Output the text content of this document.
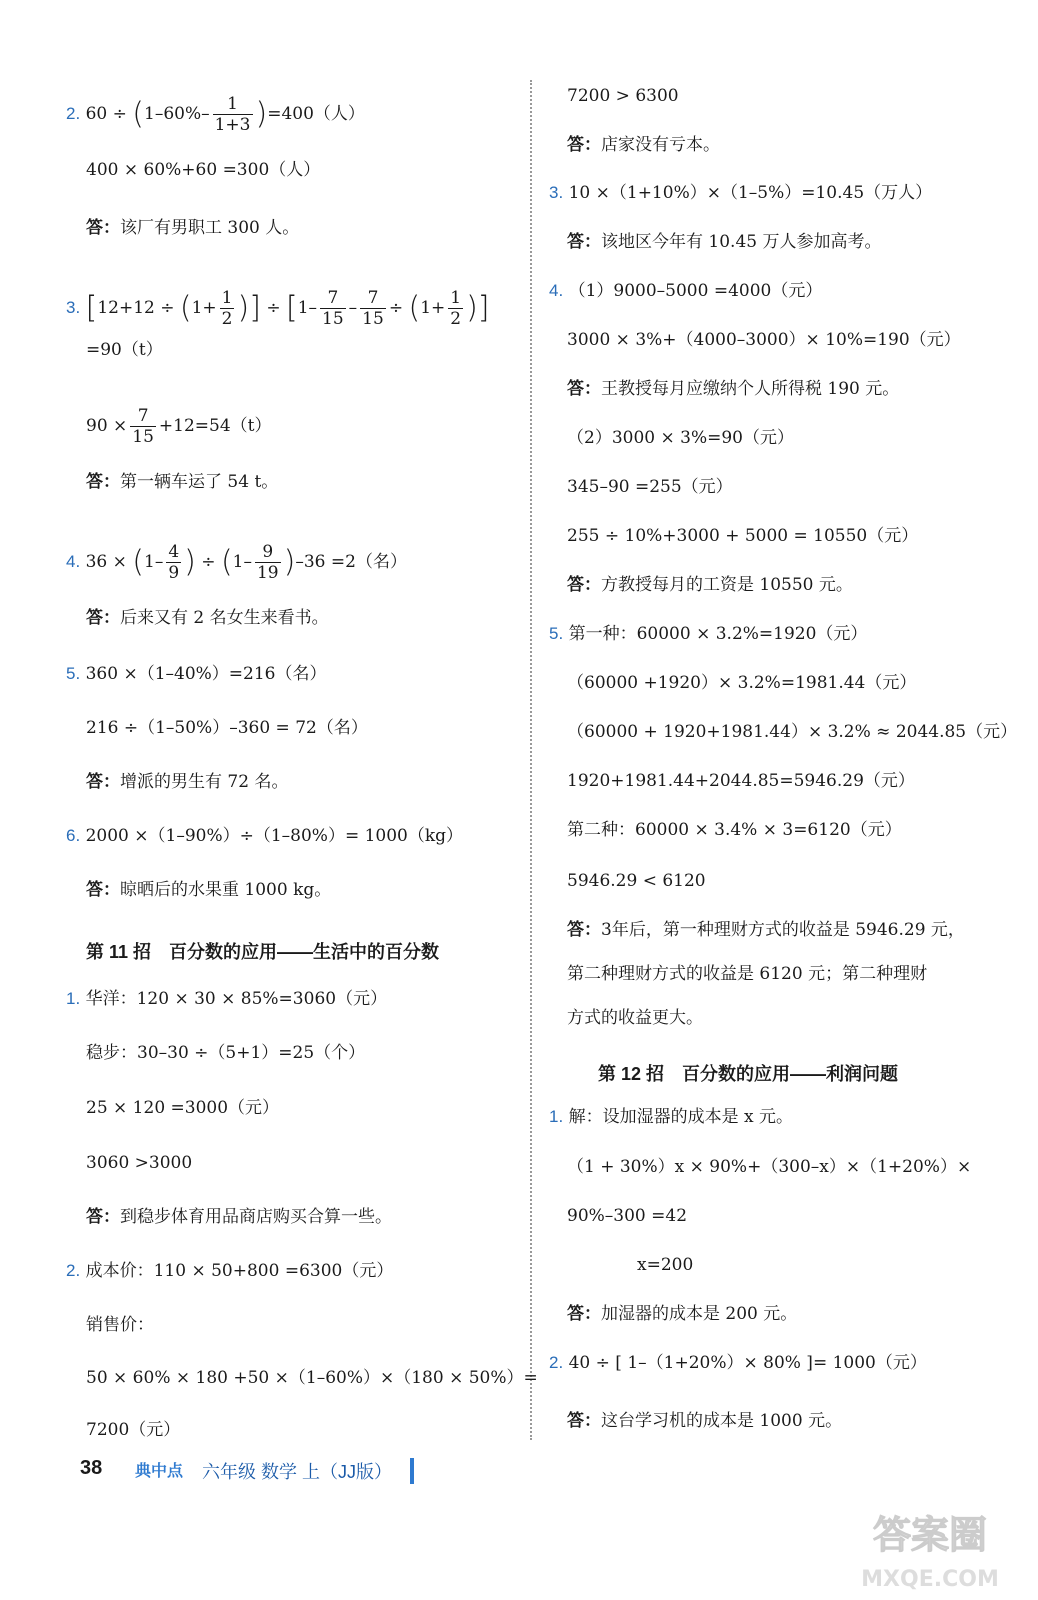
2. $60 \div (1-60\%- \frac{1}{1+3} )=400$（人）
400 × 60%+60 =300（人）
答：该厂有男职工 300 人。
3. [$12+12 \div (1+ \frac{1}{2}$ )] ÷ [$1- \frac{7}{15} - \frac{7}{15} \div (1+ \frac{1}{2}$ )]
=90（t）
$90 \times \frac{7}{15} +12=54(t)$
答：第一辆车运了 54 t。
4. $36 \times (1- \frac{4}{9}$ ) ÷ $(1- \frac{9}{19} )-36 =2$（名）
答：后来又有 2 名女生来看书。
5. 360 ×（1–40%）=216（名）
216 ÷（1–50%）–360 = 72（名）
答：增派的男生有 72 名。
6. 2000 ×（1–90%）÷（1–80%）= 1000（kg）
答：晾晒后的水果重 1000 kg。
第 11 招　百分数的应用——生活中的百分数
1. 华洋：120 × 30 × 85%=3060（元）
稳步：30–30 ÷（5+1）=25（个）
25 × 120 =3000（元）
3060 >3000
答：到稳步体育用品商店购买合算一些。
2. 成本价：110 × 50+800 =6300（元）
销售价：
50 × 60% × 180 +50 ×（1–60%）×（180 × 50%）=
7200（元）
7200 > 6300
答：店家没有亏本。
3. 10 ×（1+10%）×（1–5%）=10.45（万人）
答：该地区今年有 10.45 万人参加高考。
4. （1）9000–5000 =4000（元）
3000 × 3%+（4000–3000）× 10%=190（元）
答：王教授每月应缴纳个人所得税 190 元。
（2）3000 × 3%=90（元）
345–90 =255（元）
255 ÷ 10%+3000 + 5000 = 10550（元）
答：方教授每月的工资是 10550 元。
5. 第一种：60000 × 3.2%=1920（元）
（60000 +1920）× 3.2%=1981.44（元）
（60000 + 1920+1981.44）× 3.2% ≈ 2044.85（元）
1920+1981.44+2044.85=5946.29（元）
第二种：60000 × 3.4% × 3=6120（元）
5946.29 < 6120
答：3年后，第一种理财方式的收益是 5946.29 元，
第二种理财方式的收益是 6120 元；第二种理财
方式的收益更大。
第 12 招　百分数的应用——利润问题
1. 解：设加湿器的成本是 x 元。
（1 + 30%）x × 90%+（300–x）×（1+20%）×
90%–300 =42
x=200
答：加湿器的成本是 200 元。
2. 40 ÷ [ 1–（1+20%）× 80% ]= 1000（元）
答：这台学习机的成本是 1000 元。
38 典中点 六年级 数学 上（JJ版）
答案圈
MXQE.COM
